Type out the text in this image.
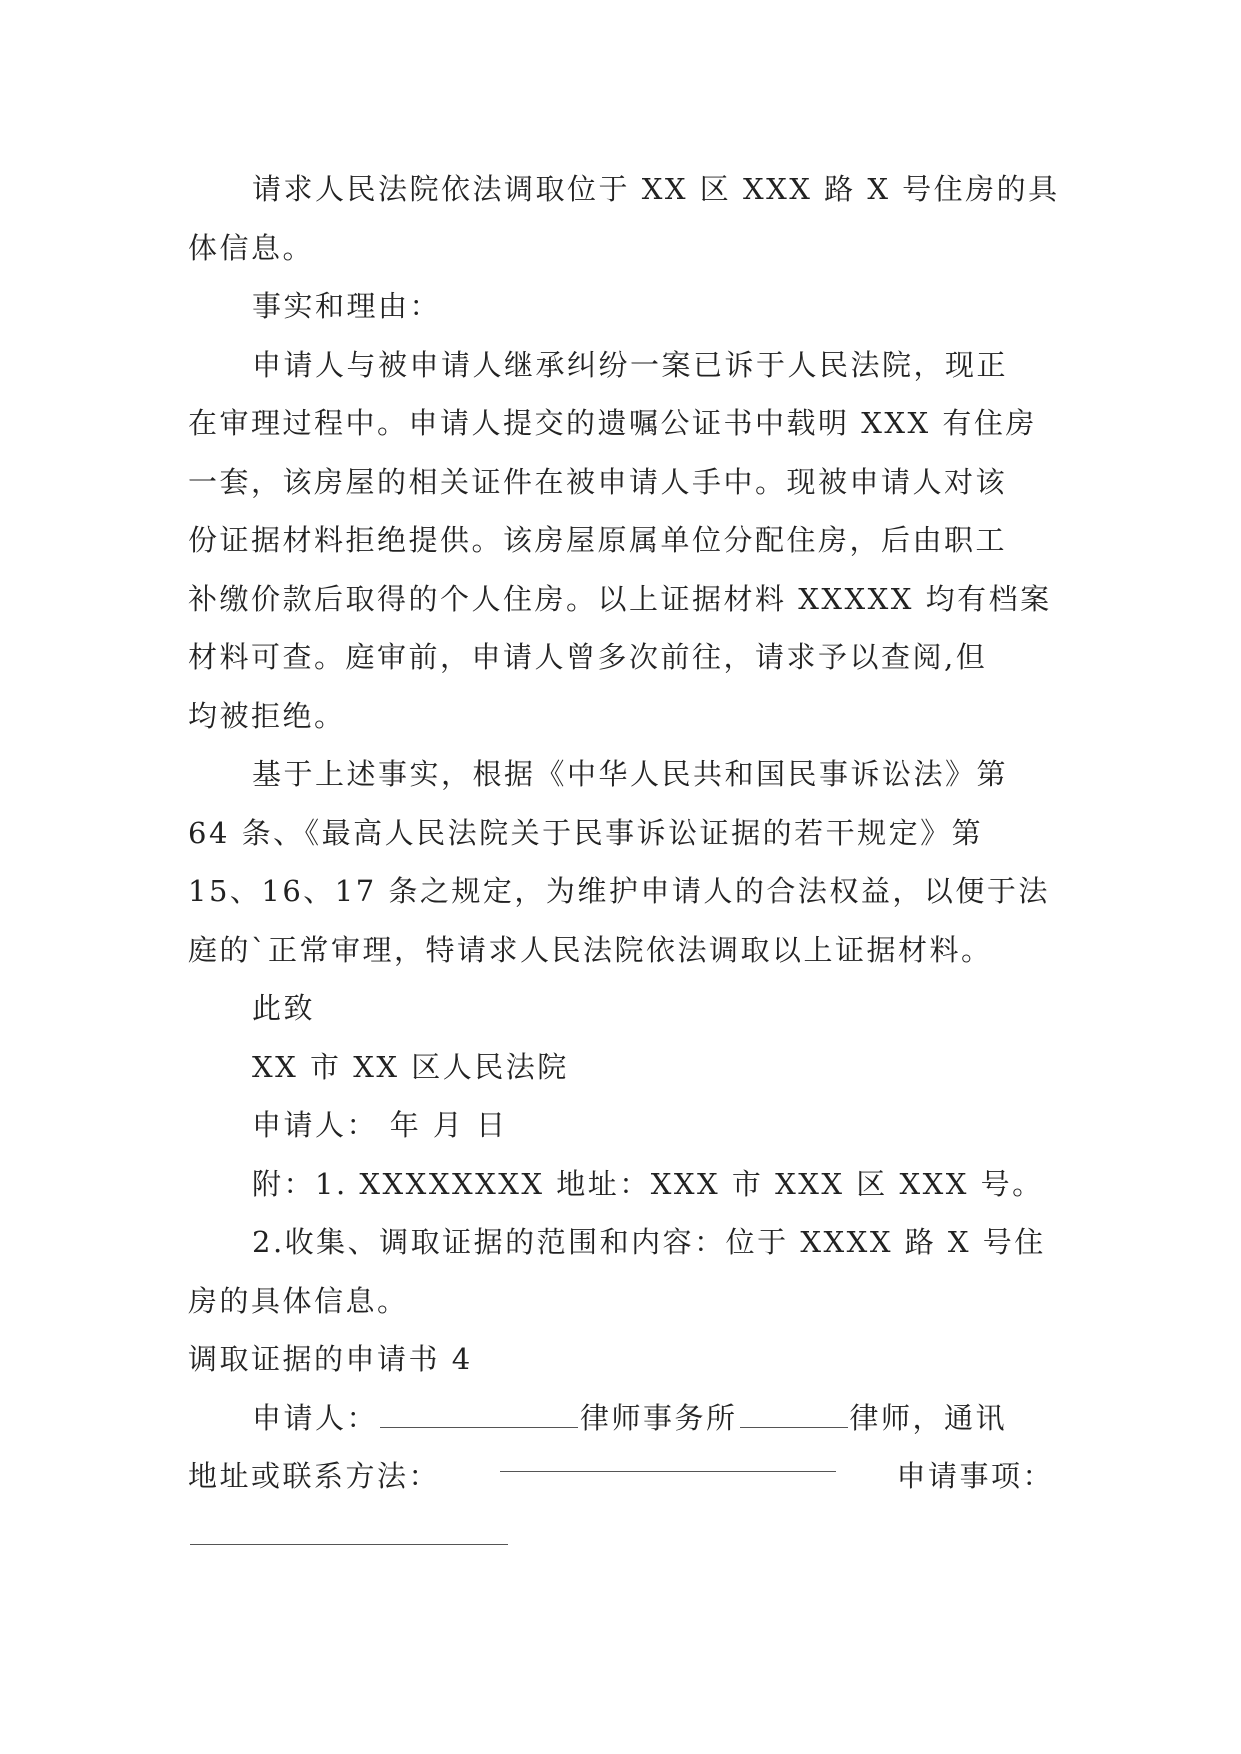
请求人民法院依法调取位于 XX 区 XXX 路 X 号住房的具
体信息。
事实和理由：
申请人与被申请人继承纠纷一案已诉于人民法院，现正
在审理过程中。申请人提交的遗嘱公证书中载明 XXX 有住房
一套，该房屋的相关证件在被申请人手中。现被申请人对该
份证据材料拒绝提供。该房屋原属单位分配住房，后由职工
补缴价款后取得的个人住房。以上证据材料 XXXXX 均有档案
材料可查。庭审前，申请人曾多次前往，请求予以查阅,但
均被拒绝。
基于上述事实，根据《中华人民共和国民事诉讼法》第
64 条、《最高人民法院关于民事诉讼证据的若干规定》第
15、16、17 条之规定，为维护申请人的合法权益，以便于法
庭的`正常审理，特请求人民法院依法调取以上证据材料。
此致
XX 市 XX 区人民法院
申请人： 年 月 日
附：1. XXXXXXXX 地址：XXX 市 XXX 区 XXX 号。
2.收集、调取证据的范围和内容：位于 XXXX 路 X 号住
房的具体信息。
调取证据的申请书 4
申请人：	律师事务所	律师，通讯
地址或联系方法：	申请事项：
